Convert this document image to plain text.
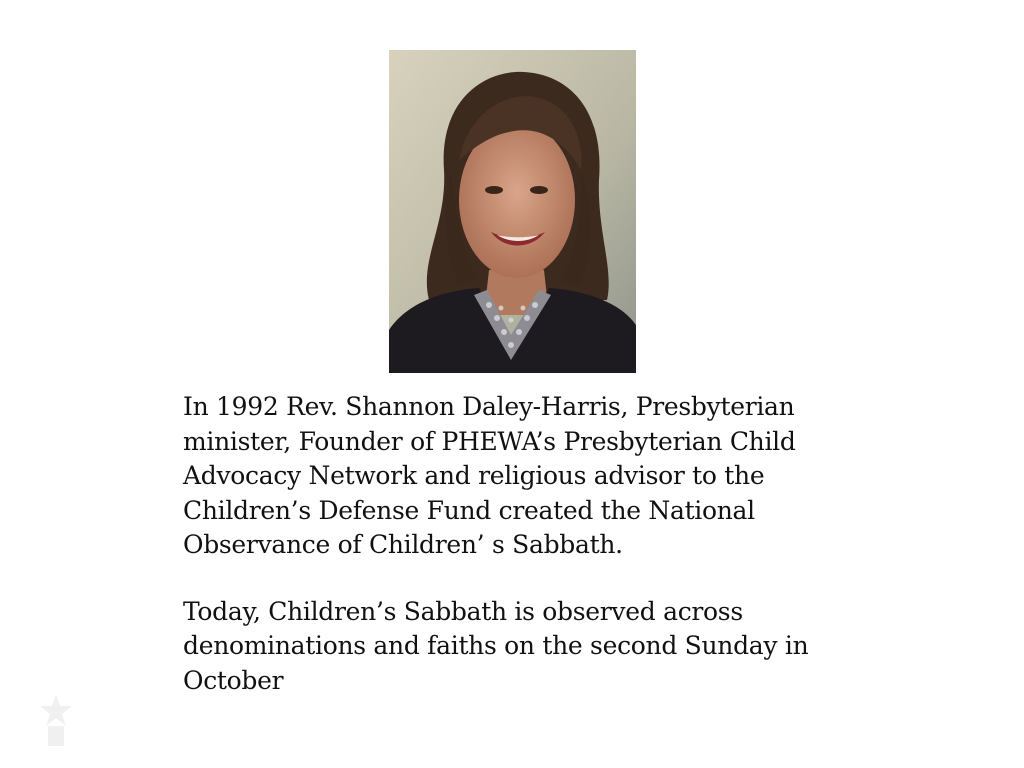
In 1992 Rev. Shannon Daley-Harris, Presbyterian
minister, Founder of PHEWA’s Presbyterian Child
Advocacy Network and religious advisor to the
Children’s Defense Fund created the National
Observance of Children’ s Sabbath.

Today, Children’s Sabbath is observed across
denominations and faiths on the second Sunday in
October
